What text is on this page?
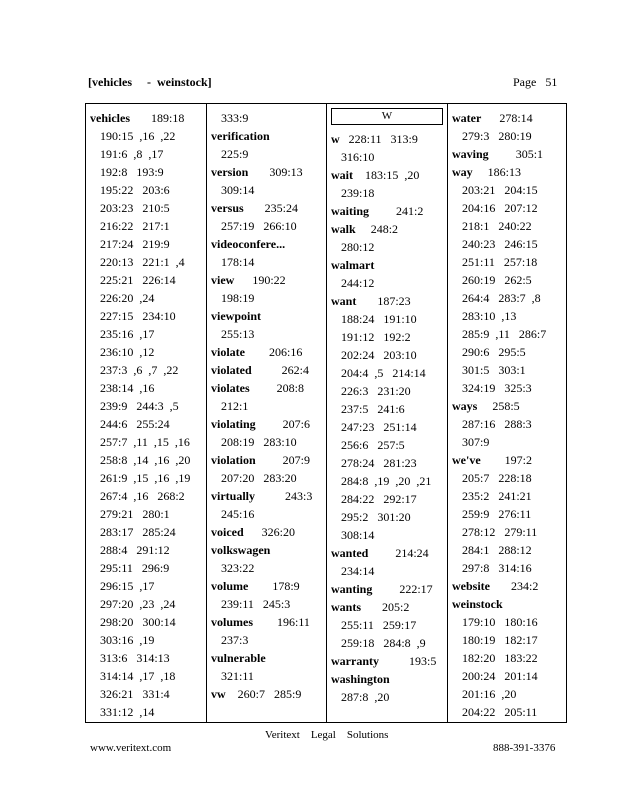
[vehicles     -  weinstock]	Page   51
vehicles       189:18
190:15  ,16  ,22
191:6  ,8  ,17
192:8   193:9
195:22   203:6
203:23   210:5
216:22   217:1
217:24   219:9
220:13   221:1  ,4
225:21   226:14
226:20  ,24
227:15   234:10
235:16  ,17
236:10  ,12
237:3  ,6  ,7  ,22
238:14  ,16
239:9   244:3  ,5
244:6   255:24
257:7  ,11  ,15  ,16
258:8  ,14  ,16  ,20
261:9  ,15  ,16  ,19
267:4  ,16   268:2
279:21   280:1
283:17   285:24
288:4   291:12
295:11   296:9
296:15  ,17
297:20  ,23  ,24
298:20   300:14
303:16  ,19
313:6   314:13
314:14  ,17  ,18
326:21   331:4
331:12  ,14
333:9
verification
225:9
version       309:13
309:14
versus       235:24
257:19   266:10
videoconfere...
178:14
view      190:22
198:19
viewpoint
255:13
violate        206:16
violated          262:4
violates         208:8
212:1
violating         207:6
208:19   283:10
violation         207:9
207:20   283:20
virtually          243:3
245:16
voiced      326:20
volkswagen
323:22
volume        178:9
239:11   245:3
volumes        196:11
237:3
vulnerable
321:11
vw    260:7   285:9
W
w   228:11   313:9
316:10
wait    183:15  ,20
239:18
waiting         241:2
walk     248:2
280:12
walmart
244:12
want       187:23
188:24   191:10
191:12   192:2
202:24   203:10
204:4  ,5   214:14
226:3   231:20
237:5   241:6
247:23   251:14
256:6   257:5
278:24   281:23
284:8  ,19  ,20  ,21
284:22   292:17
295:2   301:20
308:14
wanted         214:24
234:14
wanting         222:17
wants       205:2
255:11   259:17
259:18   284:8  ,9
warranty          193:5
washington
287:8  ,20
water      278:14
279:3   280:19
waving         305:1
way     186:13
203:21   204:15
204:16   207:12
218:1   240:22
240:23   246:15
251:11   257:18
260:19   262:5
264:4   283:7  ,8
283:10  ,13
285:9  ,11   286:7
290:6   295:5
301:5   303:1
324:19   325:3
ways     258:5
287:16   288:3
307:9
we've        197:2
205:7   228:18
235:2   241:21
259:9   276:11
278:12   279:11
284:1   288:12
297:8   314:16
website       234:2
weinstock
179:10   180:16
180:19   182:17
182:20   183:22
200:24   201:14
201:16  ,20
204:22   205:11
Veritext    Legal    Solutions
www.veritext.com	888-391-3376
